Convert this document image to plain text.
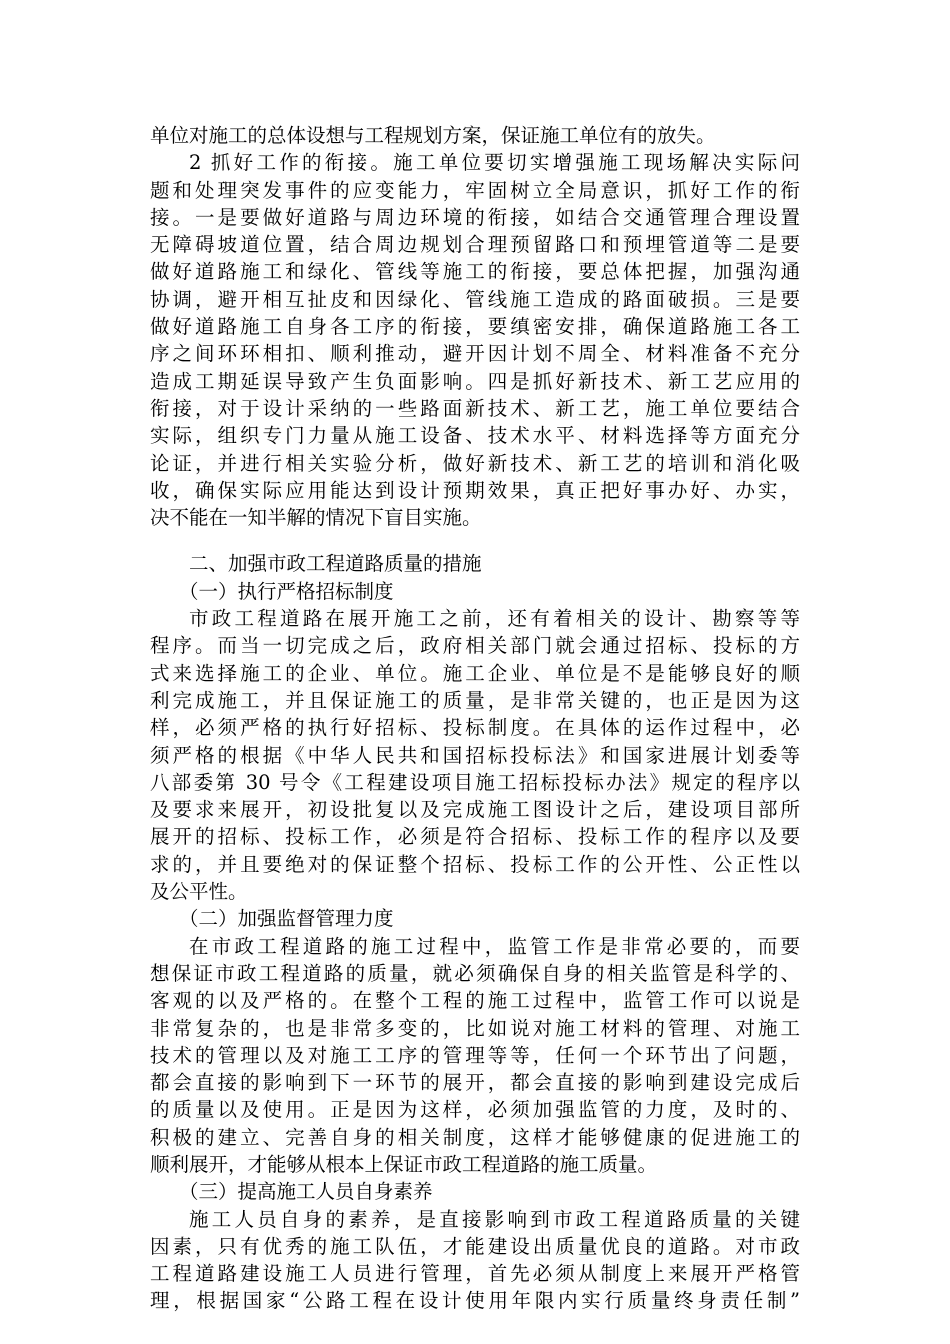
单位对施工的总体设想与工程规划方案，保证施工单位有的放失。
2 抓好工作的衔接。施工单位要切实增强施工现场解决实际问
题和处理突发事件的应变能力，牢固树立全局意识，抓好工作的衔
接。一是要做好道路与周边环境的衔接，如结合交通管理合理设置
无障碍坡道位置，结合周边规划合理预留路口和预埋管道等二是要
做好道路施工和绿化、管线等施工的衔接，要总体把握，加强沟通
协调，避开相互扯皮和因绿化、管线施工造成的路面破损。三是要
做好道路施工自身各工序的衔接，要缜密安排，确保道路施工各工
序之间环环相扣、顺利推动，避开因计划不周全、材料准备不充分
造成工期延误导致产生负面影响。四是抓好新技术、新工艺应用的
衔接，对于设计采纳的一些路面新技术、新工艺，施工单位要结合
实际，组织专门力量从施工设备、技术水平、材料选择等方面充分
论证，并进行相关实验分析，做好新技术、新工艺的培训和消化吸
收，确保实际应用能达到设计预期效果，真正把好事办好、办实，
决不能在一知半解的情况下盲目实施。
二、加强市政工程道路质量的措施
（一）执行严格招标制度
市政工程道路在展开施工之前，还有着相关的设计、勘察等等
程序。而当一切完成之后，政府相关部门就会通过招标、投标的方
式来选择施工的企业、单位。施工企业、单位是不是能够良好的顺
利完成施工，并且保证施工的质量，是非常关键的，也正是因为这
样，必须严格的执行好招标、投标制度。在具体的运作过程中，必
须严格的根据《中华人民共和国招标投标法》和国家进展计划委等
八部委第 30 号令《工程建设项目施工招标投标办法》规定的程序以
及要求来展开，初设批复以及完成施工图设计之后，建设项目部所
展开的招标、投标工作，必须是符合招标、投标工作的程序以及要
求的，并且要绝对的保证整个招标、投标工作的公开性、公正性以
及公平性。
（二）加强监督管理力度
在市政工程道路的施工过程中，监管工作是非常必要的，而要
想保证市政工程道路的质量，就必须确保自身的相关监管是科学的、
客观的以及严格的。在整个工程的施工过程中，监管工作可以说是
非常复杂的，也是非常多变的，比如说对施工材料的管理、对施工
技术的管理以及对施工工序的管理等等，任何一个环节出了问题，
都会直接的影响到下一环节的展开，都会直接的影响到建设完成后
的质量以及使用。正是因为这样，必须加强监管的力度，及时的、
积极的建立、完善自身的相关制度，这样才能够健康的促进施工的
顺利展开，才能够从根本上保证市政工程道路的施工质量。
（三）提高施工人员自身素养
施工人员自身的素养，是直接影响到市政工程道路质量的关键
因素，只有优秀的施工队伍，才能建设出质量优良的道路。对市政
工程道路建设施工人员进行管理，首先必须从制度上来展开严格管
理，根据国家“公路工程在设计使用年限内实行质量终身责任制”
